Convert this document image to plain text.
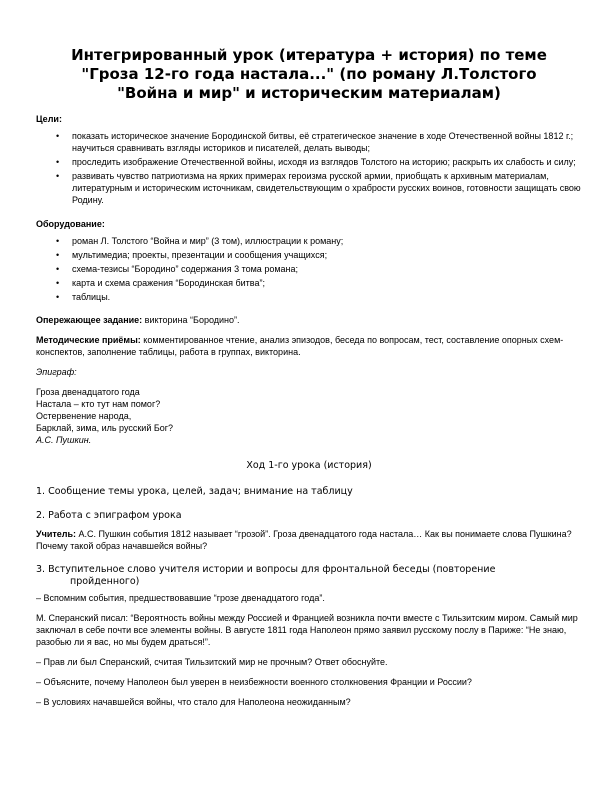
Интегрированный урок (итература + история) по теме
"Гроза 12-го года настала..." (по роману Л.Толстого
"Война и мир" и историческим материалам)
Цели:
• показать историческое значение Бородинской битвы, её стратегическое значение в ходе Отечественной войны 1812 г.; научиться сравнивать взгляды историков и писателей, делать выводы;
• проследить изображение Отечественной войны, исходя из взглядов Толстого на историю; раскрыть их слабость и силу;
• развивать чувство патриотизма на ярких примерах героизма русской армии, приобщать к архивным материалам, литературным и историческим источникам, свидетельствующим о храбрости русских воинов, готовности защищать свою Родину.
Оборудование:
• роман Л. Толстого “Война и мир” (3 том), иллюстрации к роману;
• мультимедиа; проекты, презентации и сообщения учащихся;
• схема-тезисы “Бородино” содержания 3 тома романа;
• карта и схема сражения “Бородинская битва”;
• таблицы.

Опережающее задание: викторина “Бородино”.

Методические приёмы: комментированное чтение, анализ эпизодов, беседа по вопросам, тест, составление опорных схем-конспектов, заполнение таблицы, работа в группах, викторина.

Эпиграф:

Гроза двенадцатого года

Настала – кто тут нам помог?

Остервенение народа,

Барклай, зима, иль русский Бог?

А.С. Пушкин.

Ход 1-го урока (история)

1. Сообщение темы урока, целей, задач; внимание на таблицу

2. Работа с эпиграфом урока

Учитель: А.С. Пушкин события 1812 называет “грозой”. Гроза двенадцатого года настала… Как вы понимаете слова Пушкина? Почему такой образ начавшейся войны?

3. Вступительное слово учителя истории и вопросы для фронтальной беседы (повторение

пройденного)

– Вспомним события, предшествовавшие “грозе двенадцатого года”.

М. Сперанский писал: “Вероятность войны между Россией и Францией возникла почти вместе с Тильзитским миром. Самый мир заключал в себе почти все элементы войны. В августе 1811 года Наполеон прямо заявил русскому послу в Париже: “Не знаю, разобью ли я вас, но мы будем драться!”.

– Прав ли был Сперанский, считая Тильзитский мир не прочным? Ответ обоснуйте.

– Объясните, почему Наполеон был уверен в неизбежности военного столкновения Франции и России?

– В условиях начавшейся войны, что стало для Наполеона неожиданным?
